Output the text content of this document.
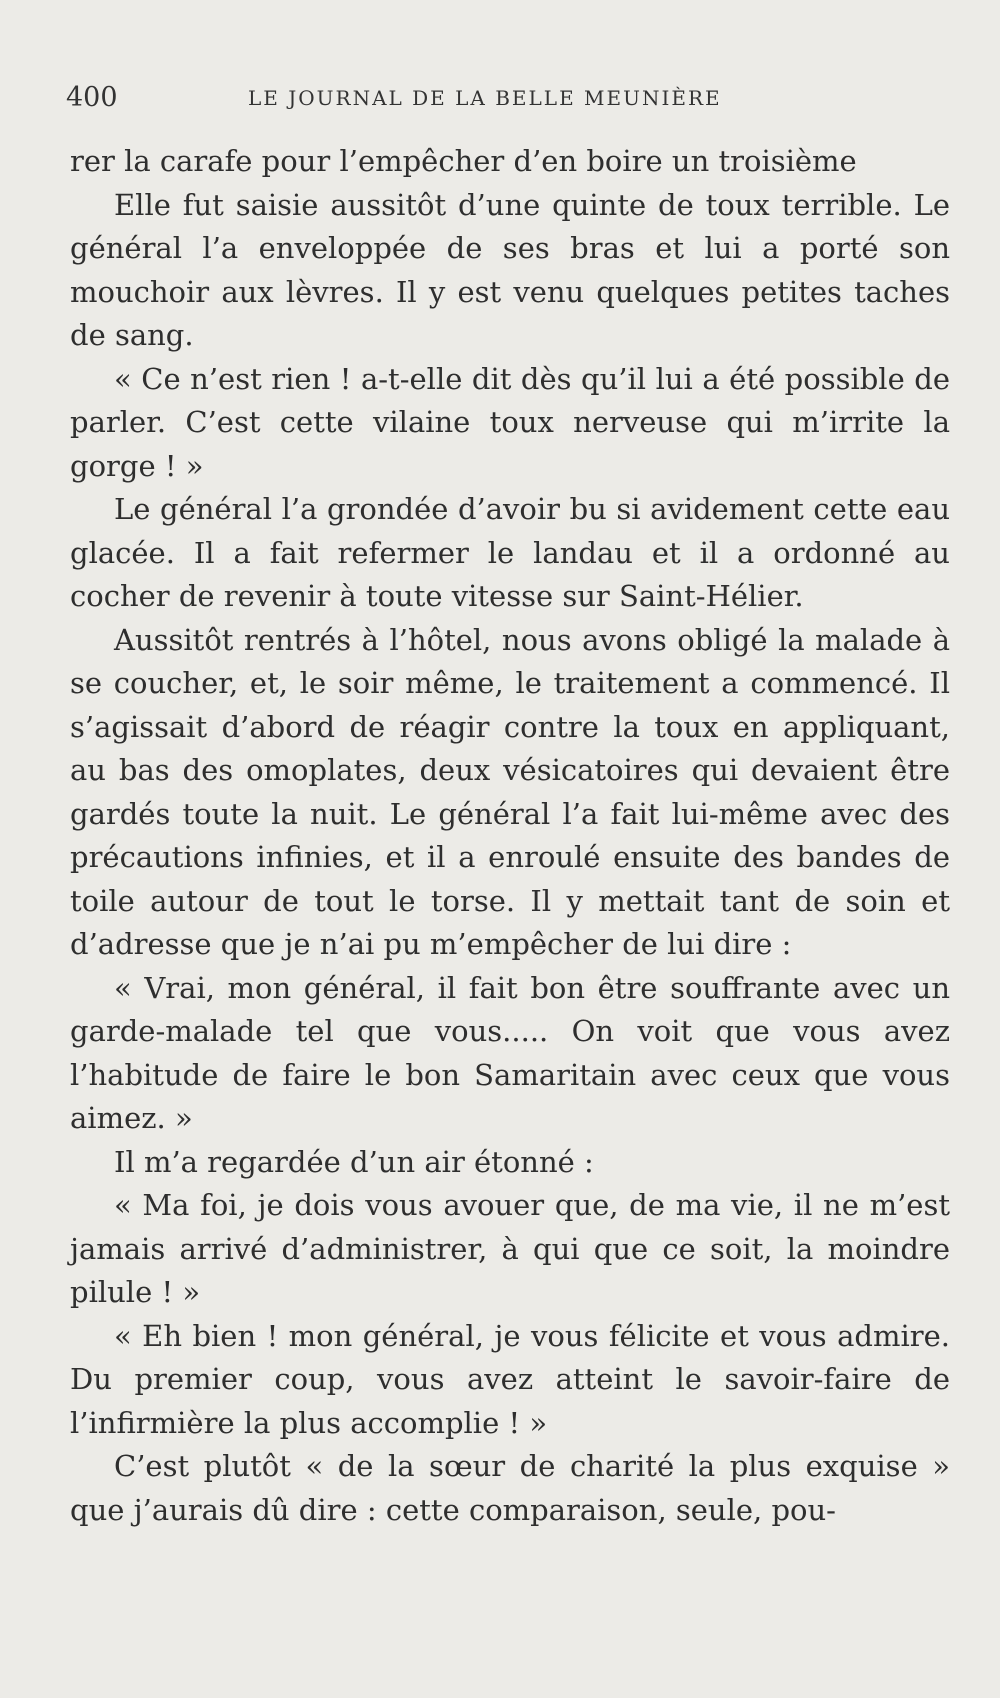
400	LE JOURNAL DE LA BELLE MEUNIÈRE

rer la carafe pour l’empêcher d’en boire un troisième

Elle fut saisie aussitôt d’une quinte de toux terrible. Le général l’a enveloppée de ses bras et lui a porté son mouchoir aux lèvres. Il y est venu quelques petites taches de sang.

« Ce n’est rien ! a-t-elle dit dès qu’il lui a été possible de parler. C’est cette vilaine toux nerveuse qui m’irrite la gorge ! »

Le général l’a grondée d’avoir bu si avidement cette eau glacée. Il a fait refermer le landau et il a ordonné au cocher de revenir à toute vitesse sur Saint-Hélier.

Aussitôt rentrés à l’hôtel, nous avons obligé la malade à se coucher, et, le soir même, le traitement a commencé. Il s’agissait d’abord de réagir contre la toux en appliquant, au bas des omoplates, deux vésicatoires qui devaient être gardés toute la nuit. Le général l’a fait lui-même avec des précautions infinies, et il a enroulé ensuite des bandes de toile autour de tout le torse. Il y mettait tant de soin et d’adresse que je n’ai pu m’empêcher de lui dire :

« Vrai, mon général, il fait bon être souffrante avec un garde-malade tel que vous..... On voit que vous avez l’habitude de faire le bon Samaritain avec ceux que vous aimez. »

Il m’a regardée d’un air étonné :

« Ma foi, je dois vous avouer que, de ma vie, il ne m’est jamais arrivé d’administrer, à qui que ce soit, la moindre pilule ! »

« Eh bien ! mon général, je vous félicite et vous admire. Du premier coup, vous avez atteint le savoir-faire de l’infirmière la plus accomplie ! »

C’est plutôt « de la sœur de charité la plus exquise » que j’aurais dû dire : cette comparaison, seule, pou-
